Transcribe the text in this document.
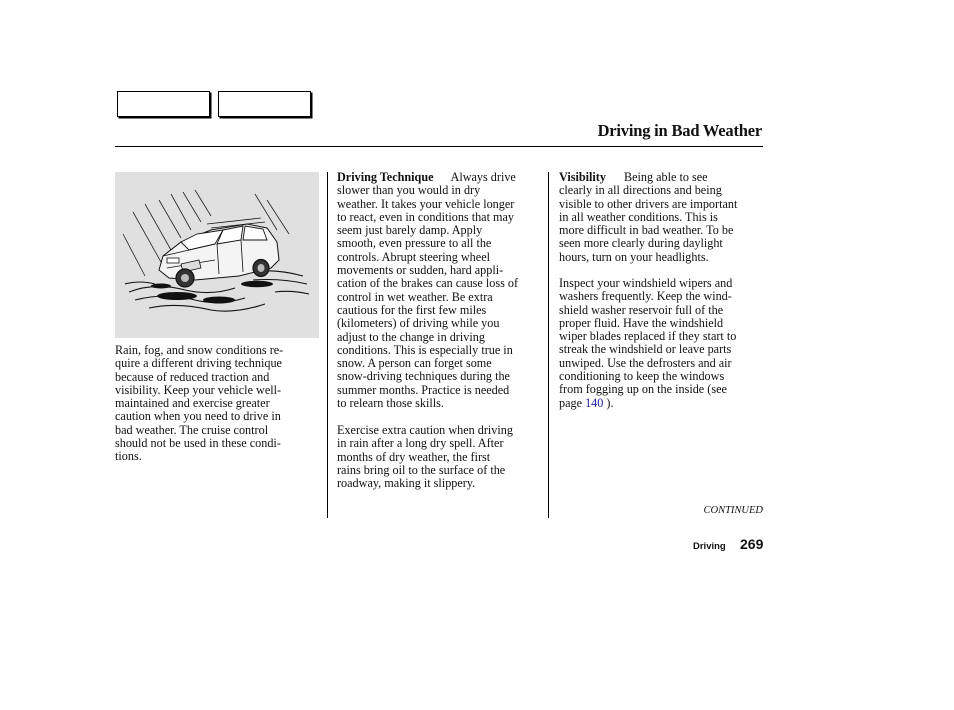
Driving in Bad Weather
Rain, fog, and snow conditions re-
quire a different driving technique
because of reduced traction and
visibility. Keep your vehicle well-
maintained and exercise greater
caution when you need to drive in
bad weather. The cruise control
should not be used in these condi-
tions.
Driving Technique Always drive
slower than you would in dry
weather. It takes your vehicle longer
to react, even in conditions that may
seem just barely damp. Apply
smooth, even pressure to all the
controls. Abrupt steering wheel
movements or sudden, hard appli-
cation of the brakes can cause loss of
control in wet weather. Be extra
cautious for the first few miles
(kilometers) of driving while you
adjust to the change in driving
conditions. This is especially true in
snow. A person can forget some
snow-driving techniques during the
summer months. Practice is needed
to relearn those skills.
Exercise extra caution when driving
in rain after a long dry spell. After
months of dry weather, the first
rains bring oil to the surface of the
roadway, making it slippery.
Visibility Being able to see
clearly in all directions and being
visible to other drivers are important
in all weather conditions. This is
more difficult in bad weather. To be
seen more clearly during daylight
hours, turn on your headlights.
Inspect your windshield wipers and
washers frequently. Keep the wind-
shield washer reservoir full of the
proper fluid. Have the windshield
wiper blades replaced if they start to
streak the windshield or leave parts
unwiped. Use the defrosters and air
conditioning to keep the windows
from fogging up on the inside (see
page 140 ).
CONTINUED
Driving 269
